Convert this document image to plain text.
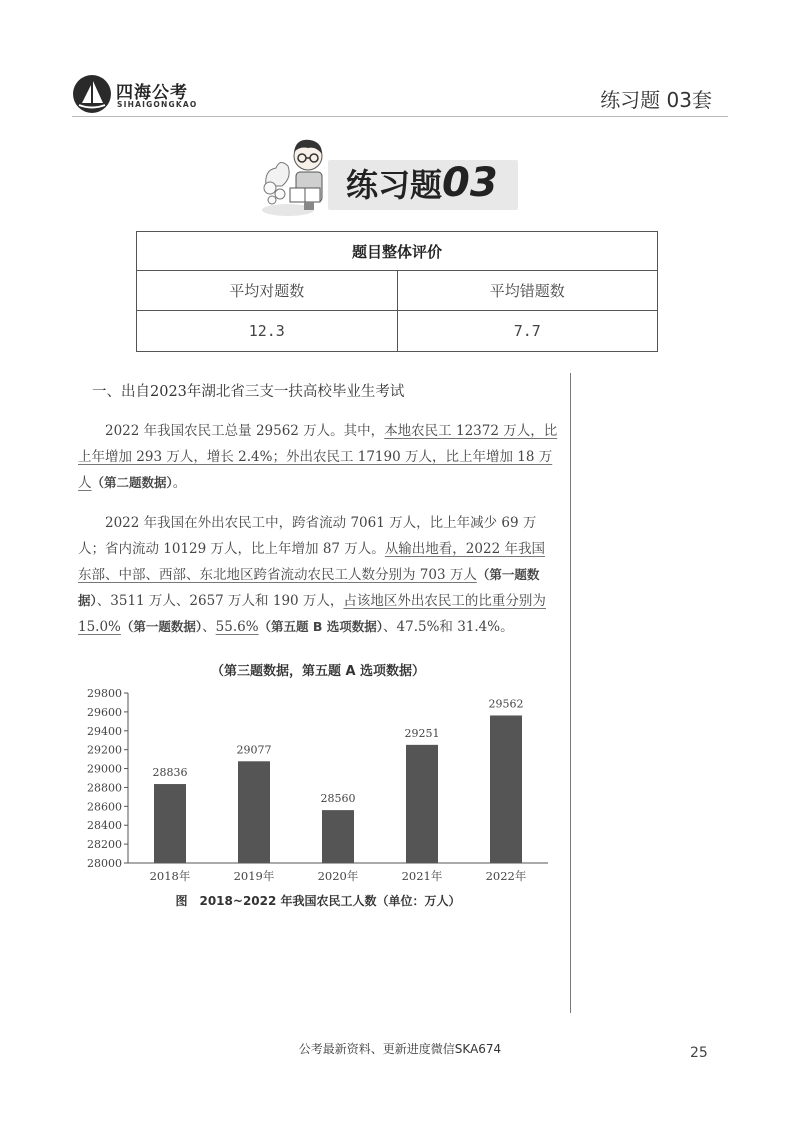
四海公考
SIHAIGONGKAO	练习题 03套
练习题03
题目整体评价	
平均对题数	平均错题数
12.3	7.7
一、出自2023年湖北省三支一扶高校毕业生考试

2022 年我国农民工总量 29562 万人。其中，本地农民工 12372 万人，比上年增加 293 万人，增长 2.4%；外出农民工 17190 万人，比上年增加 18 万人（第二题数据）。

2022 年我国在外出农民工中，跨省流动 7061 万人，比上年减少 69 万人；省内流动 10129 万人，比上年增加 87 万人。从输出地看，2022 年我国东部、中部、西部、东北地区跨省流动农民工人数分别为 703 万人（第一题数据）、3511 万人、2657 万人和 190 万人，占该地区外出农民工的比重分别为 15.0%（第一题数据）、55.6%（第五题 B 选项数据）、47.5%和 31.4%。

（第三题数据，第五题 A 选项数据）
28000
28200
28400
28600
28800
29000
29200
29400
29600
29800
28836
2018年
29077
2019年
28560
2020年
29251
2021年
29562
2022年
图　2018~2022 年我国农民工人数（单位：万人）
公考最新资料、更新进度微信SKA674	25
